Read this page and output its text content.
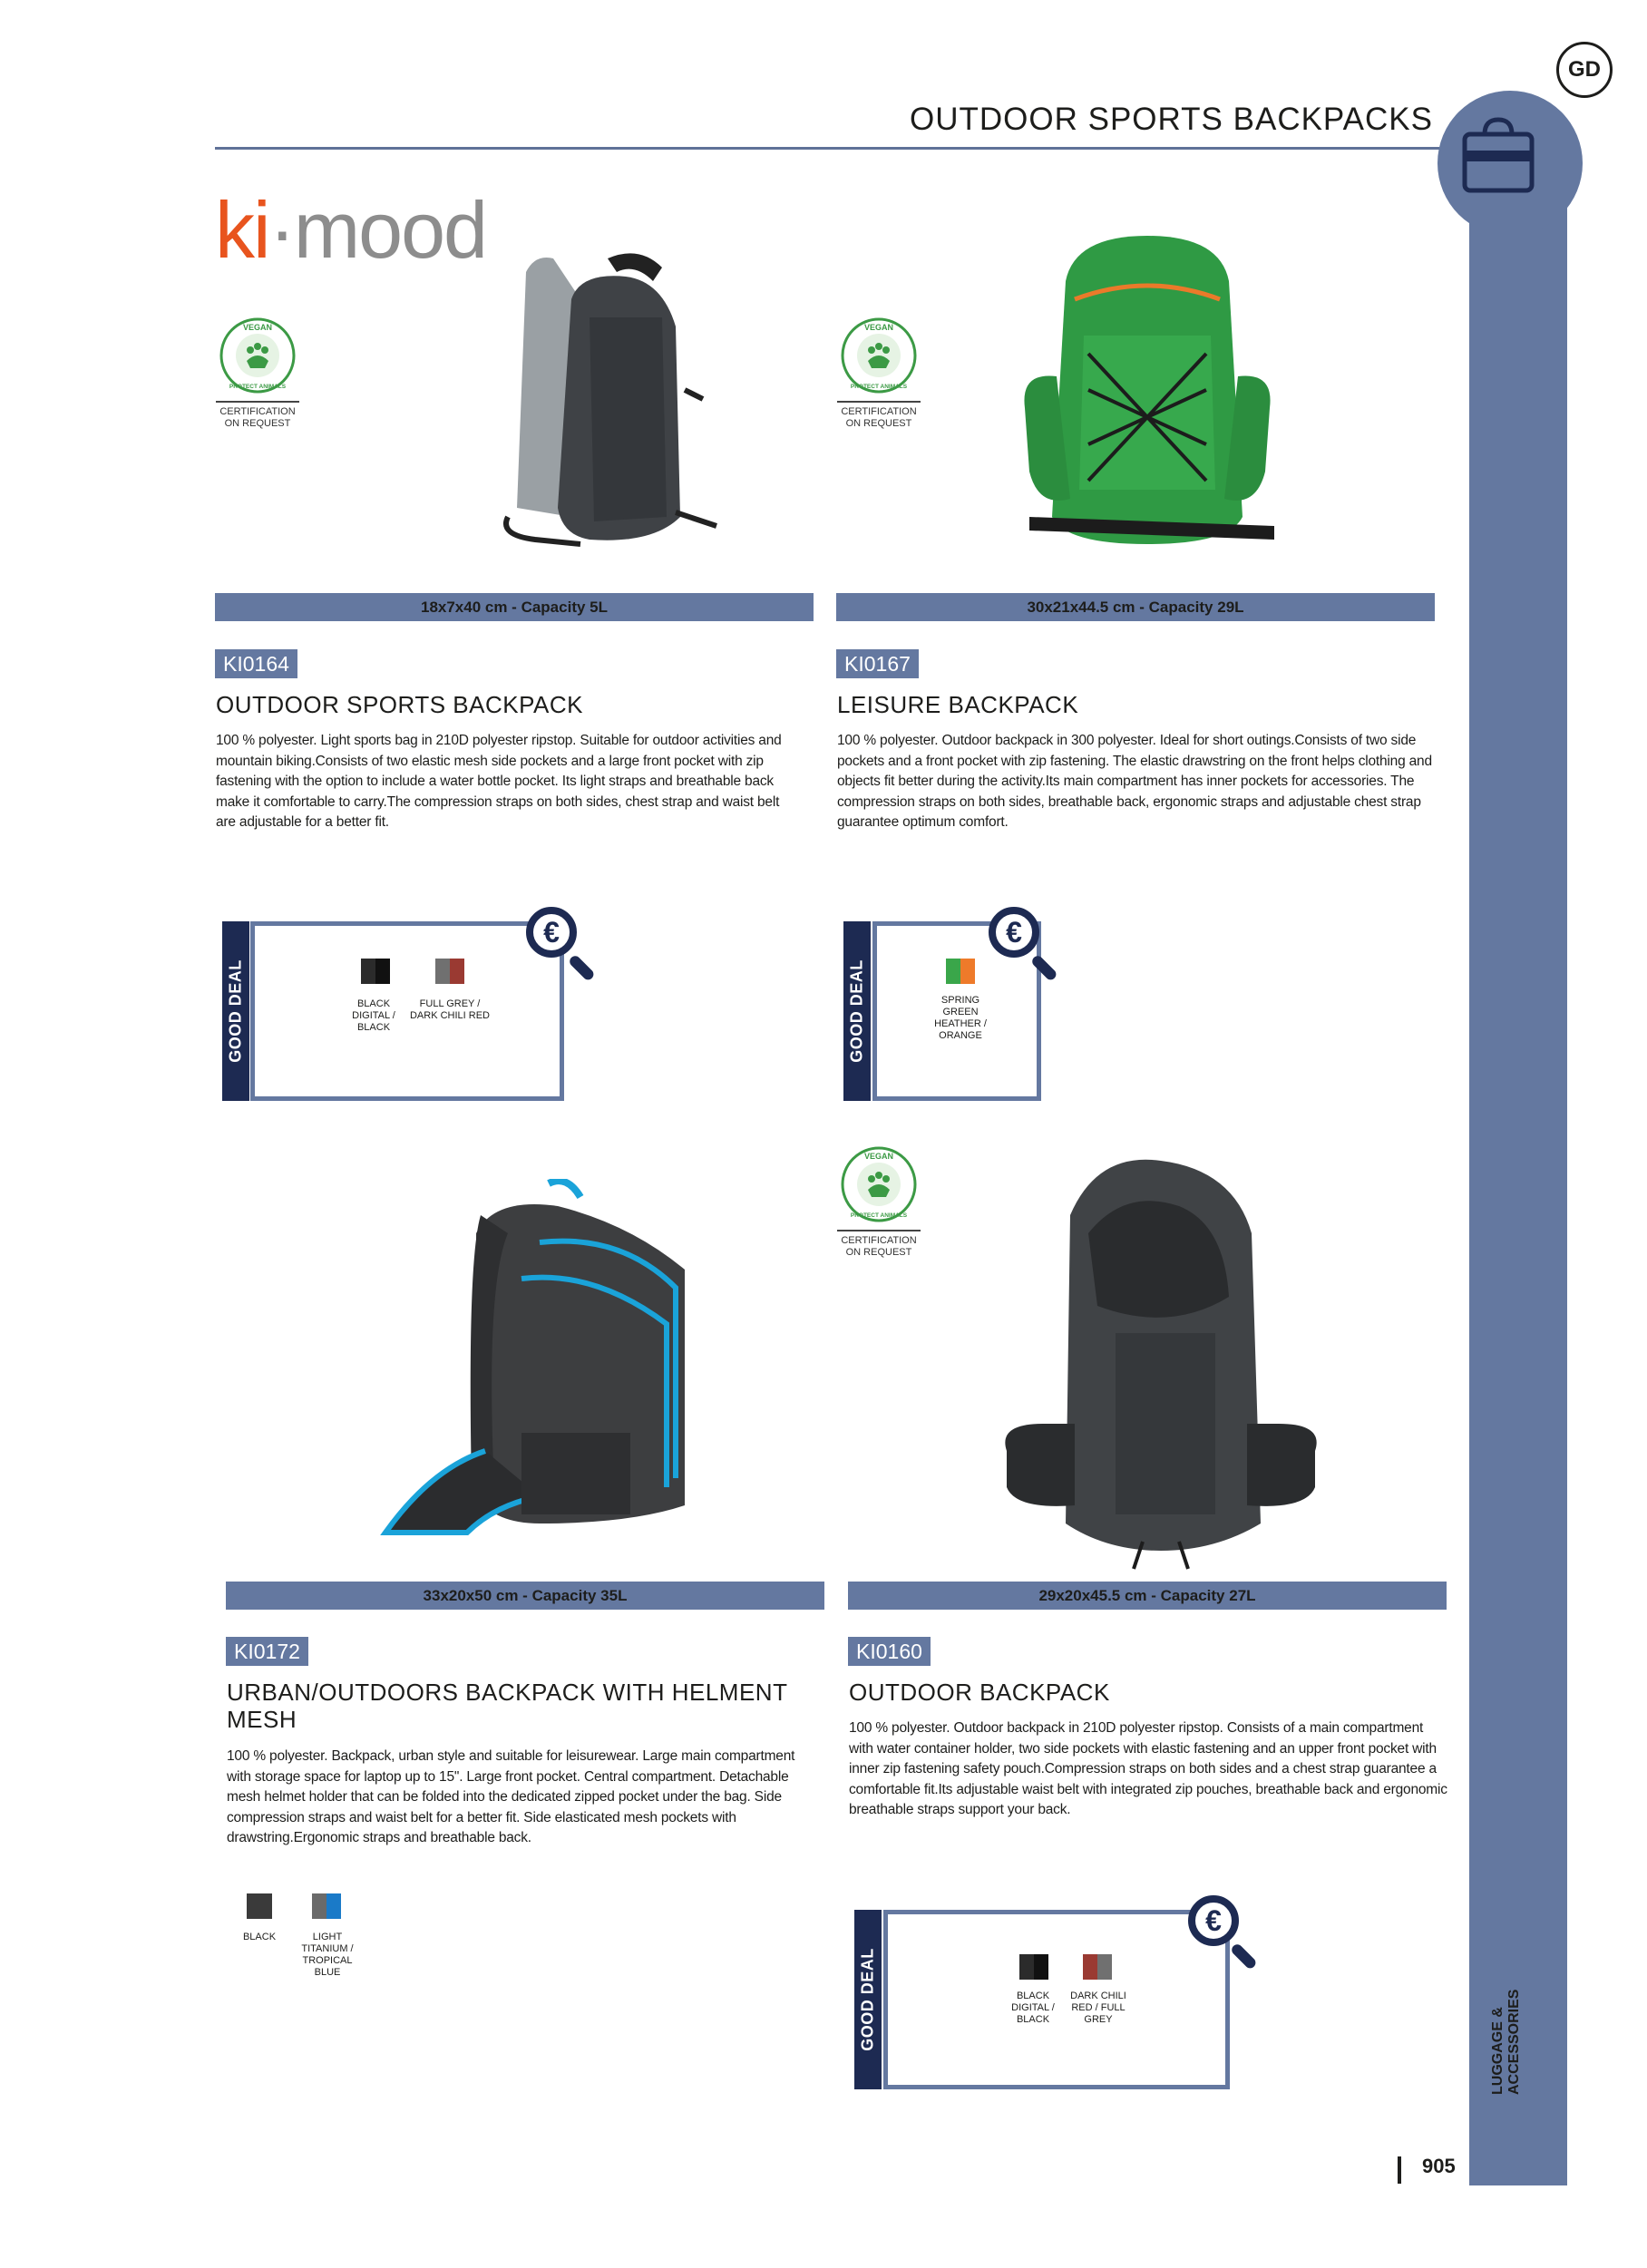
GD
OUTDOOR SPORTS BACKPACKS
LUGGAGE & ACCESSORIES
905
ki·mood
VEGAN
PROTECT ANIMALS
CERTIFICATION ON REQUEST
VEGAN
PROTECT ANIMALS
CERTIFICATION ON REQUEST
VEGAN
PROTECT ANIMALS
CERTIFICATION ON REQUEST
18x7x40 cm - Capacity 5L
KI0164
OUTDOOR SPORTS BACKPACK
100 % polyester. Light sports bag in 210D polyester ripstop. Suitable for outdoor activities and mountain biking.Consists of two elastic mesh side pockets and a large front pocket with zip fastening with the option to include a water bottle pocket. Its light straps and breathable back make it comfortable to carry.The compression straps on both sides, chest strap and waist belt are adjustable for a better fit.
GOOD DEAL	BLACK DIGITAL / BLACK
FULL GREY / DARK CHILI RED
€
30x21x44.5 cm - Capacity 29L
KI0167
LEISURE BACKPACK
100 % polyester. Outdoor backpack in 300 polyester. Ideal for short outings.Consists of two side pockets and a front pocket with zip fastening. The elastic drawstring on the front helps clothing and objects fit better during the activity.Its main compartment has inner pockets for accessories. The compression straps on both sides, breathable back, ergonomic straps and adjustable chest strap guarantee optimum comfort.
GOOD DEAL	SPRING GREEN HEATHER / ORANGE
€
33x20x50 cm - Capacity 35L
KI0172
URBAN/OUTDOORS BACKPACK WITH HELMENT MESH
100 % polyester. Backpack, urban style and suitable for leisurewear. Large main compartment with storage space for laptop up to 15". Large front pocket. Central compartment. Detachable mesh helmet holder that can be folded into the dedicated zipped pocket under the bag. Side compression straps and waist belt for a better fit. Side elasticated mesh pockets with drawstring.Ergonomic straps and breathable back.
BLACK	LIGHT TITANIUM / TROPICAL BLUE
29x20x45.5 cm - Capacity 27L
KI0160
OUTDOOR BACKPACK
100 % polyester. Outdoor backpack in 210D polyester ripstop. Consists of a main compartment with water container holder, two side pockets with elastic fastening and an upper front pocket with inner zip fastening safety pouch.Compression straps on both sides and a chest strap guarantee a comfortable fit.Its adjustable waist belt with integrated zip pouches, breathable back and ergonomic breathable straps support your back.
GOOD DEAL	BLACK DIGITAL / BLACK
DARK CHILI RED / FULL GREY
€
